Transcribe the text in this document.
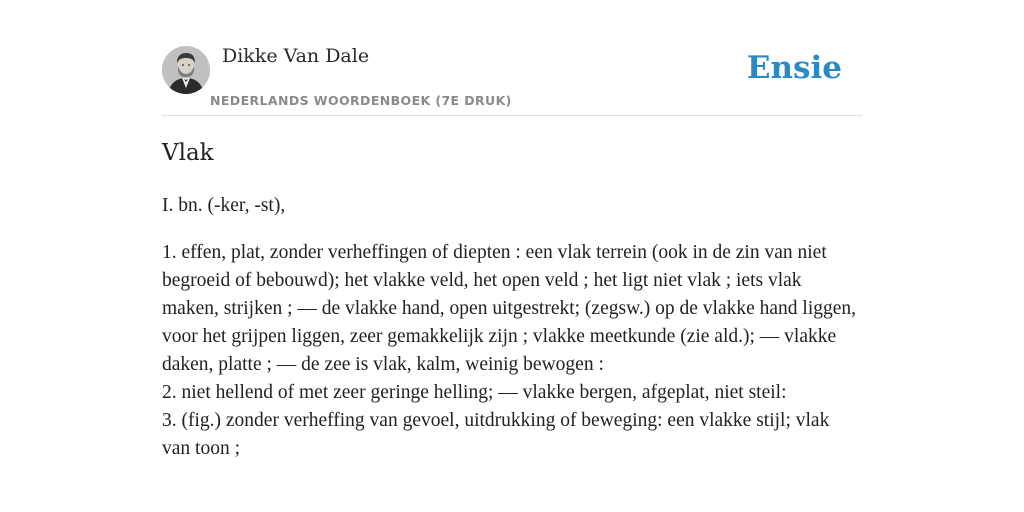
Dikke Van Dale
NEDERLANDS WOORDENBOEK (7E DRUK)
Ensie
Vlak

I. bn. (-ker, -st),

1. effen, plat, zonder verheffingen of diepten : een vlak terrein (ook in de zin van niet begroeid of bebouwd); het vlakke veld, het open veld ; het ligt niet vlak ; iets vlak maken, strijken ; — de vlakke hand, open uitgestrekt; (zegsw.) op de vlakke hand liggen, voor het grijpen liggen, zeer gemakkelijk zijn ; vlakke meetkunde (zie ald.); — vlakke daken, platte ; — de zee is vlak, kalm, weinig bewogen :
2. niet hellend of met zeer geringe helling; — vlakke bergen, afgeplat, niet steil:
3. (fig.) zonder verheffing van gevoel, uitdrukking of beweging: een vlakke stijl; vlak van toon ;
